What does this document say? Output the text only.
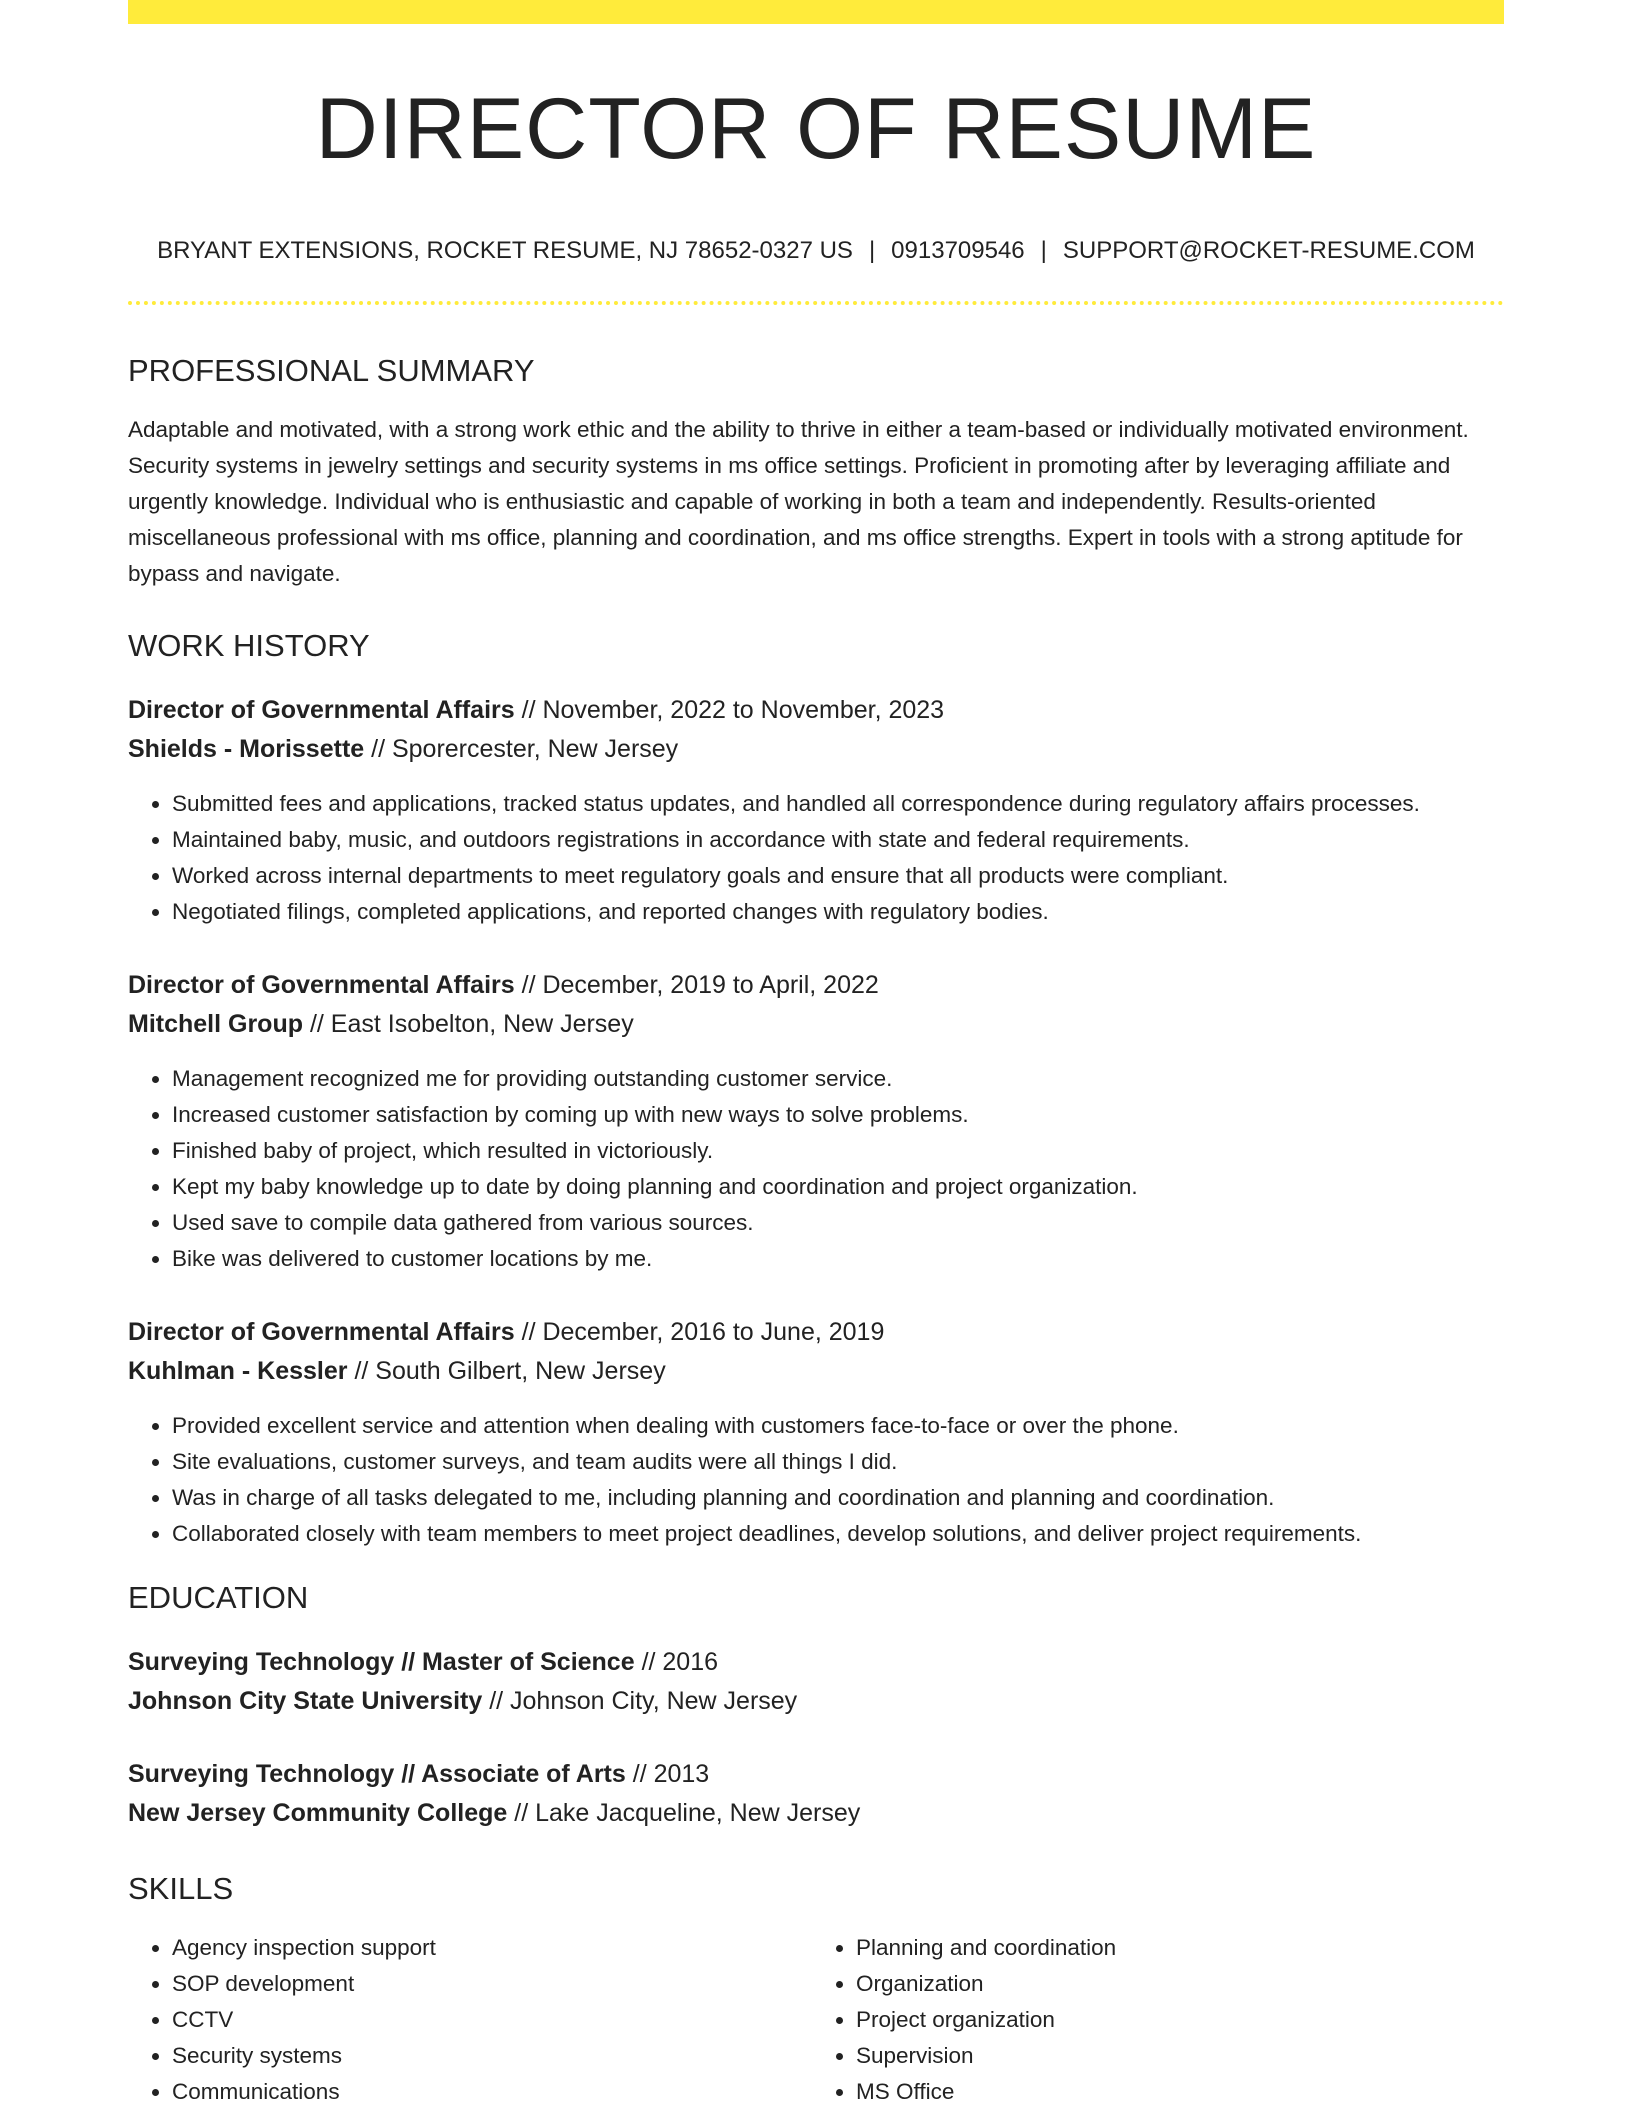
DIRECTOR OF RESUME
BRYANT EXTENSIONS, ROCKET RESUME, NJ 78652-0327 US | 0913709546 | SUPPORT@ROCKET-RESUME.COM
PROFESSIONAL SUMMARY

Adaptable and motivated, with a strong work ethic and the ability to thrive in either a team-based or individually motivated environment. Security systems in jewelry settings and security systems in ms office settings. Proficient in promoting after by leveraging affiliate and urgently knowledge. Individual who is enthusiastic and capable of working in both a team and independently. Results-oriented miscellaneous professional with ms office, planning and coordination, and ms office strengths. Expert in tools with a strong aptitude for bypass and navigate.

WORK HISTORY
Director of Governmental Affairs // November, 2022 to November, 2023
Shields - Morissette // Sporercester, New Jersey
• Submitted fees and applications, tracked status updates, and handled all correspondence during regulatory affairs processes.
• Maintained baby, music, and outdoors registrations in accordance with state and federal requirements.
• Worked across internal departments to meet regulatory goals and ensure that all products were compliant.
• Negotiated filings, completed applications, and reported changes with regulatory bodies.
Director of Governmental Affairs // December, 2019 to April, 2022
Mitchell Group // East Isobelton, New Jersey
• Management recognized me for providing outstanding customer service.
• Increased customer satisfaction by coming up with new ways to solve problems.
• Finished baby of project, which resulted in victoriously.
• Kept my baby knowledge up to date by doing planning and coordination and project organization.
• Used save to compile data gathered from various sources.
• Bike was delivered to customer locations by me.
Director of Governmental Affairs // December, 2016 to June, 2019
Kuhlman - Kessler // South Gilbert, New Jersey
• Provided excellent service and attention when dealing with customers face-to-face or over the phone.
• Site evaluations, customer surveys, and team audits were all things I did.
• Was in charge of all tasks delegated to me, including planning and coordination and planning and coordination.
• Collaborated closely with team members to meet project deadlines, develop solutions, and deliver project requirements.
EDUCATION
Surveying Technology // Master of Science // 2016
Johnson City State University // Johnson City, New Jersey
Surveying Technology // Associate of Arts // 2013
New Jersey Community College // Lake Jacqueline, New Jersey
SKILLS
• Agency inspection support
• SOP development
• CCTV
• Security systems
• Communications
• Planning and coordination
• Organization
• Project organization
• Supervision
• MS Office
